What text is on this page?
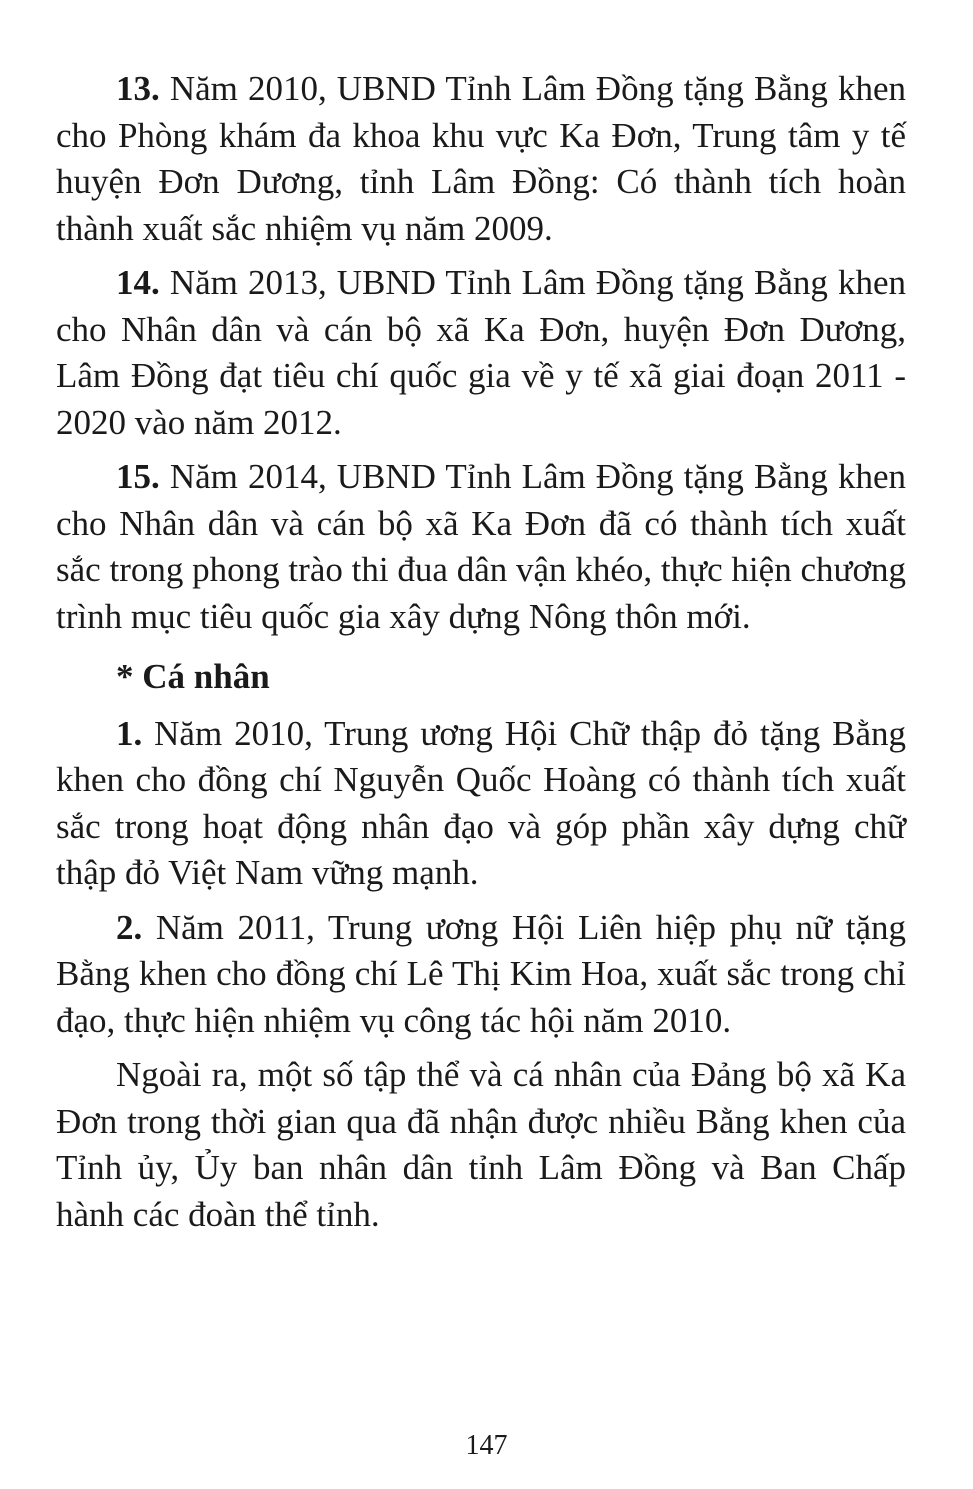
13. Năm 2010, UBND Tỉnh Lâm Đồng tặng Bằng khen cho Phòng khám đa khoa khu vực Ka Đơn, Trung tâm y tế huyện Đơn Dương, tỉnh Lâm Đồng: Có thành tích hoàn thành xuất sắc nhiệm vụ năm 2009.

14. Năm 2013, UBND Tỉnh Lâm Đồng tặng Bằng khen cho Nhân dân và cán bộ xã Ka Đơn, huyện Đơn Dương, Lâm Đồng đạt tiêu chí quốc gia về y tế xã giai đoạn 2011 - 2020 vào năm 2012.

15. Năm 2014, UBND Tỉnh Lâm Đồng tặng Bằng khen cho Nhân dân và cán bộ xã Ka Đơn đã có thành tích xuất sắc trong phong trào thi đua dân vận khéo, thực hiện chương trình mục tiêu quốc gia xây dựng Nông thôn mới.

* Cá nhân

1. Năm 2010, Trung ương Hội Chữ thập đỏ tặng Bằng khen cho đồng chí Nguyễn Quốc Hoàng có thành tích xuất sắc trong hoạt động nhân đạo và góp phần xây dựng chữ thập đỏ Việt Nam vững mạnh.

2. Năm 2011, Trung ương Hội Liên hiệp phụ nữ tặng Bằng khen cho đồng chí Lê Thị Kim Hoa, xuất sắc trong chỉ đạo, thực hiện nhiệm vụ công tác hội năm 2010.

Ngoài ra, một số tập thể và cá nhân của Đảng bộ xã Ka Đơn trong thời gian qua đã nhận được nhiều Bằng khen của Tỉnh ủy, Ủy ban nhân dân tỉnh Lâm Đồng và Ban Chấp hành các đoàn thể tỉnh.

147
